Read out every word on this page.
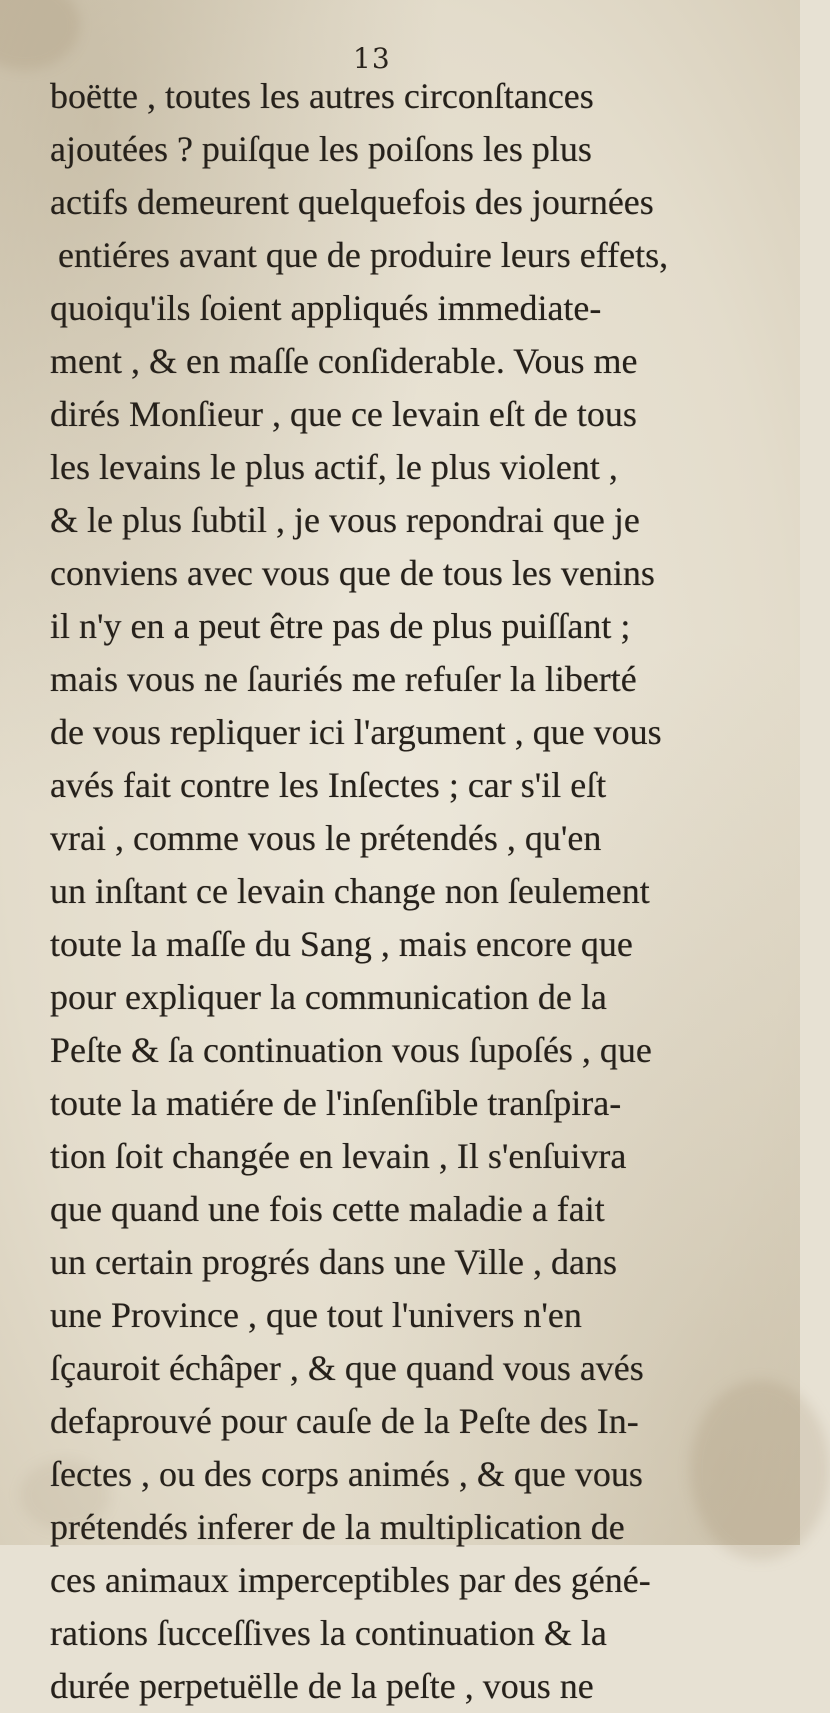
13
boëtte , toutes les autres circonſtances
ajoutées ? puiſque les poiſons les plus
actifs demeurent quelquefois des journées
entiéres avant que de produire leurs effets,
quoiqu'ils ſoient appliqués immediate-
ment , & en maſſe conſiderable. Vous me
dirés Monſieur , que ce levain eſt de tous
les levains le plus actif, le plus violent ,
& le plus ſubtil , je vous repondrai que je
conviens avec vous que de tous les venins
il n'y en a peut être pas de plus puiſſant ;
mais vous ne ſauriés me refuſer la liberté
de vous repliquer ici l'argument , que vous
avés fait contre les Inſectes ; car s'il eſt
vrai , comme vous le prétendés , qu'en
un inſtant ce levain change non ſeulement
toute la maſſe du Sang , mais encore que
pour expliquer la communication de la
Peſte & ſa continuation vous ſupoſés , que
toute la matiére de l'inſenſible tranſpira-
tion ſoit changée en levain , Il s'enſuivra
que quand une fois cette maladie a fait
un certain progrés dans une Ville , dans
une Province , que tout l'univers n'en
ſçauroit échâper , & que quand vous avés
defaprouvé pour cauſe de la Peſte des In-
ſectes , ou des corps animés , & que vous
prétendés inferer de la multiplication de
ces animaux imperceptibles par des géné-
rations ſucceſſives la continuation & la
durée perpetuëlle de la peſte , vous ne
